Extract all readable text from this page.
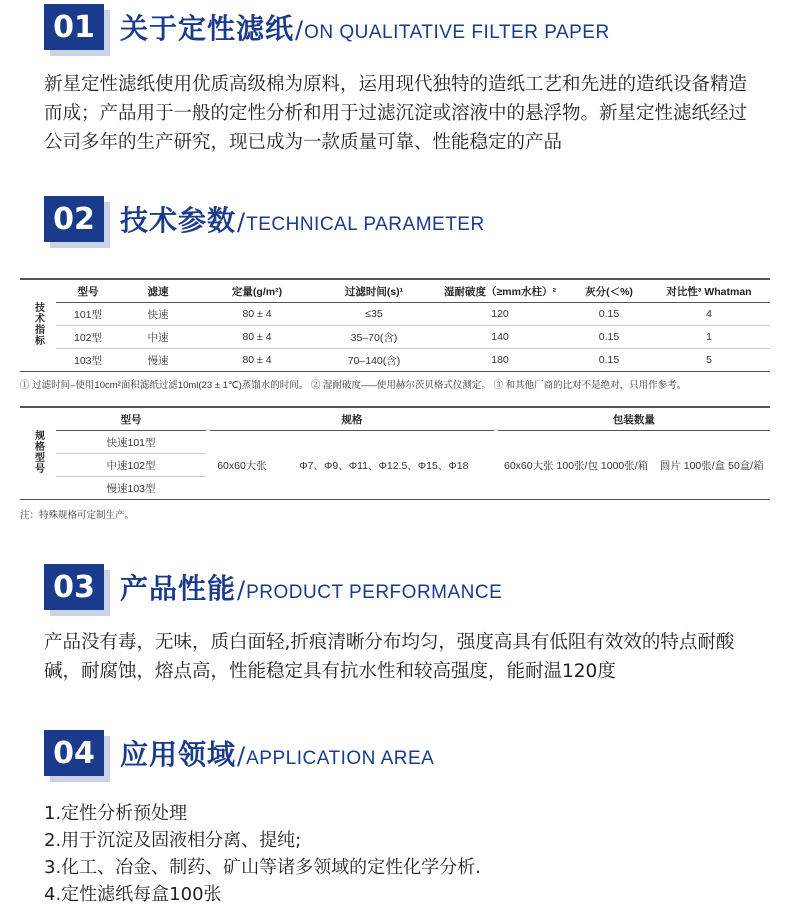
01 关于定性滤纸 / ON QUALITATIVE FILTER PAPER
新星定性滤纸使用优质高级棉为原料，运用现代独特的造纸工艺和先进的造纸设备精造而成；产品用于一般的定性分析和用于过滤沉淀或溶液中的悬浮物。新星定性滤纸经过公司多年的生产研究，现已成为一款质量可靠、性能稳定的产品
02 技术参数 / TECHNICAL PARAMETER
技术指标	型号	滤速	定量(g/m²)	过滤时间(s)¹	湿耐破度（≥mm水柱）²	灰分(＜%)	对比性³ Whatman
	101型	快速	80 ± 4	≤35	120	0.15	4
	102型	中速	80 ± 4	35–70(含)	140	0.15	1
	103型	慢速	80 ± 4	70–140(含)	180	0.15	5
① 过滤时间–使用10cm²面积滤纸过滤10ml(23 ± 1℃)蒸馏水的时间。 ② 湿耐破度–––使用赫尔茨贝格式仪测定。 ③ 和其他厂商的比对不是绝对，只用作参考。
规格型号	型号		规格			包装数量
	快速101型		60x60大张	Φ7、Φ9、Φ11、Φ12.5、Φ15、Φ18		60x60大张 100张/包 1000张/箱 圆片 100张/盒 50盒/箱
	中速102型					
	慢速103型					
注：特殊规格可定制生产。
03 产品性能 / PRODUCT PERFORMANCE
产品没有毒，无味，质白面轻,折痕清晰分布均匀，强度高具有低阻有效效的特点耐酸碱，耐腐蚀，熔点高，性能稳定具有抗水性和较高强度，能耐温120度
04 应用领域 / APPLICATION AREA
1.定性分析预处理
2.用于沉淀及固液相分离、提纯;
3.化工、冶金、制药、矿山等诸多领域的定性化学分析.
4.定性滤纸每盒100张
